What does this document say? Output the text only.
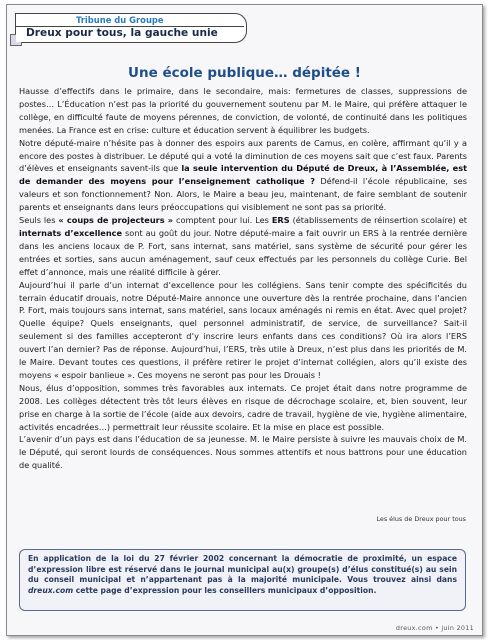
Tribune du Groupe
Dreux pour tous, la gauche unie
Une école publique… dépitée !

Hausse d’effectifs dans le primaire, dans le secondaire, mais: fermetures de classes, suppressions de postes… L’Éducation n’est pas la priorité du gouvernement soutenu par M. le Maire, qui préfère attaquer le collège, en difficulté faute de moyens pérennes, de conviction, de volonté, de continuité dans les politiques menées. La France est en crise: culture et éducation servent à équilibrer les budgets.

Notre député-maire n’hésite pas à donner des espoirs aux parents de Camus, en colère, affirmant qu’il y a encore des postes à distribuer. Le député qui a voté la diminution de ces moyens sait que c’est faux. Parents d’élèves et enseignants savent-ils que la seule intervention du Député de Dreux, à l’Assemblée, est de demander des moyens pour l’enseignement catholique ? Défend-il l’école républicaine, ses valeurs et son fonctionnement? Non. Alors, le Maire a beau jeu, maintenant, de faire semblant de soutenir parents et enseignants dans leurs préoccupations qui visiblement ne sont pas sa priorité.

Seuls les « coups de projecteurs » comptent pour lui. Les ERS (établissements de réinsertion scolaire) et internats d’excellence sont au goût du jour. Notre député-maire a fait ouvrir un ERS à la rentrée dernière dans les anciens locaux de P. Fort, sans internat, sans matériel, sans système de sécurité pour gérer les entrées et sorties, sans aucun aménagement, sauf ceux effectués par les personnels du collège Curie. Bel effet d’annonce, mais une réalité difficile à gérer.

Aujourd’hui il parle d’un internat d’excellence pour les collégiens. Sans tenir compte des spécificités du terrain éducatif drouais, notre Député-Maire annonce une ouverture dès la rentrée prochaine, dans l’ancien P. Fort, mais toujours sans internat, sans matériel, sans locaux aménagés ni remis en état. Avec quel projet? Quelle équipe? Quels enseignants, quel personnel administratif, de service, de surveillance? Sait-il seulement si des familles accepteront d’y inscrire leurs enfants dans ces conditions? Où ira alors l’ERS ouvert l’an dernier? Pas de réponse. Aujourd’hui, l’ERS, très utile à Dreux, n’est plus dans les priorités de M. le Maire. Devant toutes ces questions, il préfère retirer le projet d’internat collégien, alors qu’il existe des moyens « espoir banlieue ». Ces moyens ne seront pas pour les Drouais !

Nous, élus d’opposition, sommes très favorables aux internats. Ce projet était dans notre programme de 2008. Les collèges détectent très tôt leurs élèves en risque de décrochage scolaire, et, bien souvent, leur prise en charge à la sortie de l’école (aide aux devoirs, cadre de travail, hygiène de vie, hygiène alimentaire, activités encadrées…) permettrait leur réussite scolaire. Et la mise en place est possible.

L’avenir d’un pays est dans l’éducation de sa jeunesse. M. le Maire persiste à suivre les mauvais choix de M. le Député, qui seront lourds de conséquences. Nous sommes attentifs et nous battrons pour une éducation de qualité.

Les élus de Dreux pour tous

En application de la loi du 27 février 2002 concernant la démocratie de proximité, un espace d’expression libre est réservé dans le journal municipal au(x) groupe(s) d’élus constitué(s) au sein du conseil municipal et n’appartenant pas à la majorité municipale. Vous trouvez ainsi dans dreux.com cette page d’expression pour les conseillers municipaux d’opposition.

dreux.com • juin 2011
